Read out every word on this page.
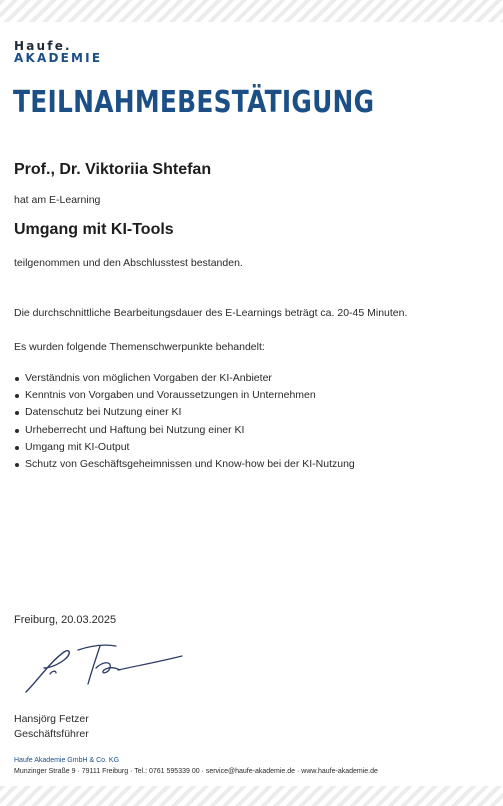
Haufe.
AKADEMIE
TEILNAHMEBESTÄTIGUNG
Prof., Dr. Viktoriia Shtefan
hat am E-Learning
Umgang mit KI-Tools
teilgenommen und den Abschlusstest bestanden.
Die durchschnittliche Bearbeitungsdauer des E-Learnings beträgt ca. 20-45 Minuten.
Es wurden folgende Themenschwerpunkte behandelt:
Verständnis von möglichen Vorgaben der KI-Anbieter
Kenntnis von Vorgaben und Voraussetzungen in Unternehmen
Datenschutz bei Nutzung einer KI
Urheberrecht und Haftung bei Nutzung einer KI
Umgang mit KI-Output
Schutz von Geschäftsgeheimnissen und Know-how bei der KI-Nutzung
Freiburg, 20.03.2025
Hansjörg Fetzer
Geschäftsführer
Haufe Akademie GmbH & Co. KG
Munzinger Straße 9 · 79111 Freiburg · Tel.: 0761 595339 00 · service@haufe-akademie.de · www.haufe-akademie.de
